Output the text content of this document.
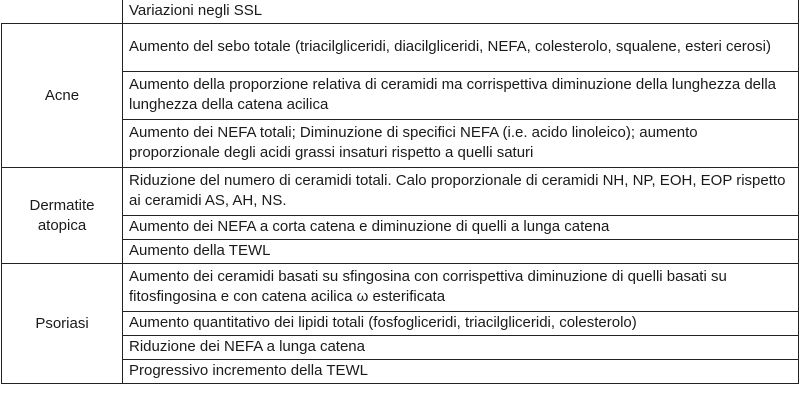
	Variazioni negli SSL
Acne	Aumento del sebo totale (triacilgliceridi, diacilgliceridi, NEFA, colesterolo, squalene, esteri cerosi)
	Aumento della proporzione relativa di ceramidi ma corrispettiva diminuzione della lunghezza della lunghezza della catena acilica
	Aumento dei NEFA totali; Diminuzione di specifici NEFA (i.e. acido linoleico); aumento proporzionale degli acidi grassi insaturi rispetto a quelli saturi
Dermatite atopica	Riduzione del numero di ceramidi totali. Calo proporzionale di ceramidi NH, NP, EOH, EOP rispetto ai ceramidi AS, AH, NS.
	Aumento dei NEFA a corta catena e diminuzione di quelli a lunga catena
	Aumento della TEWL
Psoriasi	Aumento dei ceramidi basati su sfingosina con corrispettiva diminuzione di quelli basati su fitosfingosina e con catena acilica ω esterificata
	Aumento quantitativo dei lipidi totali (fosfogliceridi, triacilgliceridi, colesterolo)
	Riduzione dei NEFA a lunga catena
	Progressivo incremento della TEWL
